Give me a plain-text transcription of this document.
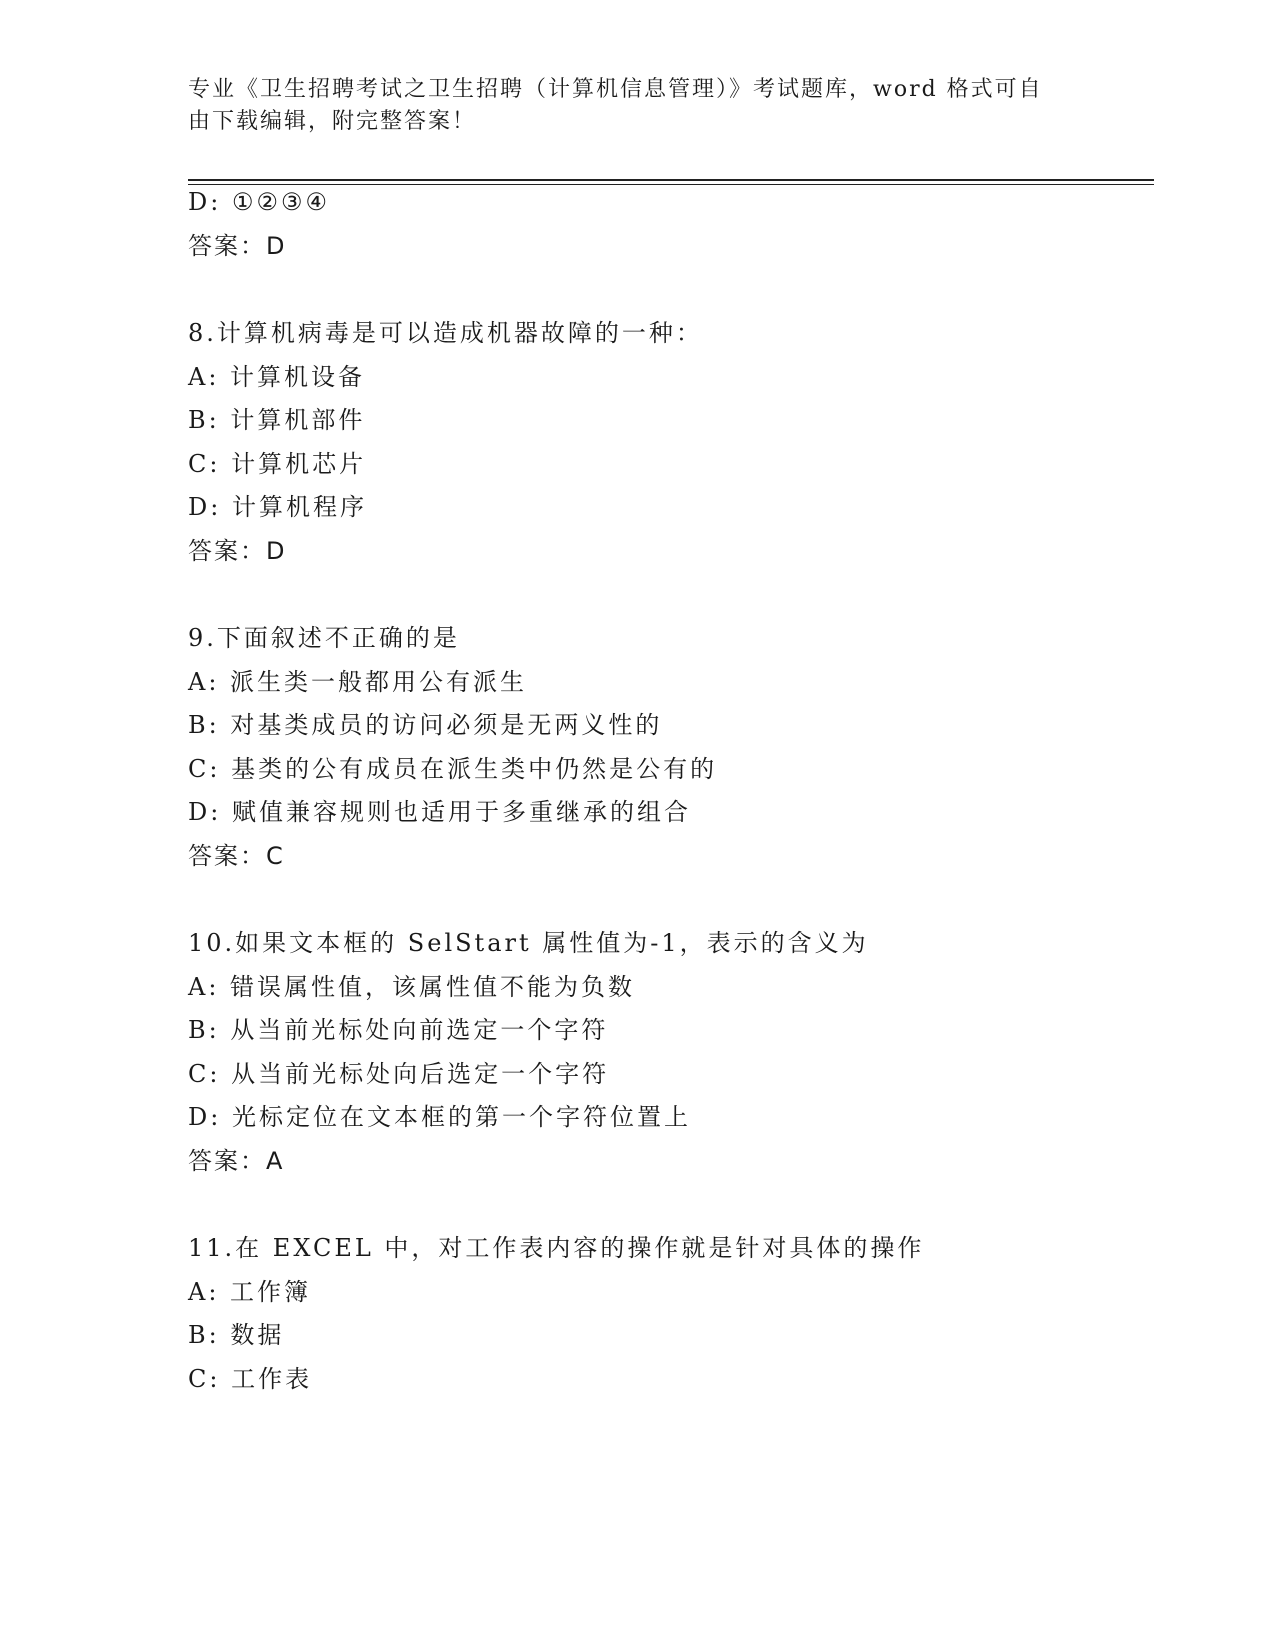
专业《卫生招聘考试之卫生招聘（计算机信息管理）》考试题库，word 格式可自
由下载编辑，附完整答案！
D: ①②③④
答案：D
8.计算机病毒是可以造成机器故障的一种：
A: 计算机设备
B: 计算机部件
C: 计算机芯片
D: 计算机程序
答案：D
9.下面叙述不正确的是
A: 派生类一般都用公有派生
B: 对基类成员的访问必须是无两义性的
C: 基类的公有成员在派生类中仍然是公有的
D: 赋值兼容规则也适用于多重继承的组合
答案：C
10.如果文本框的 SelStart 属性值为-1，表示的含义为
A: 错误属性值，该属性值不能为负数
B: 从当前光标处向前选定一个字符
C: 从当前光标处向后选定一个字符
D: 光标定位在文本框的第一个字符位置上
答案：A
11.在 EXCEL 中，对工作表内容的操作就是针对具体的操作
A: 工作簿
B: 数据
C: 工作表
